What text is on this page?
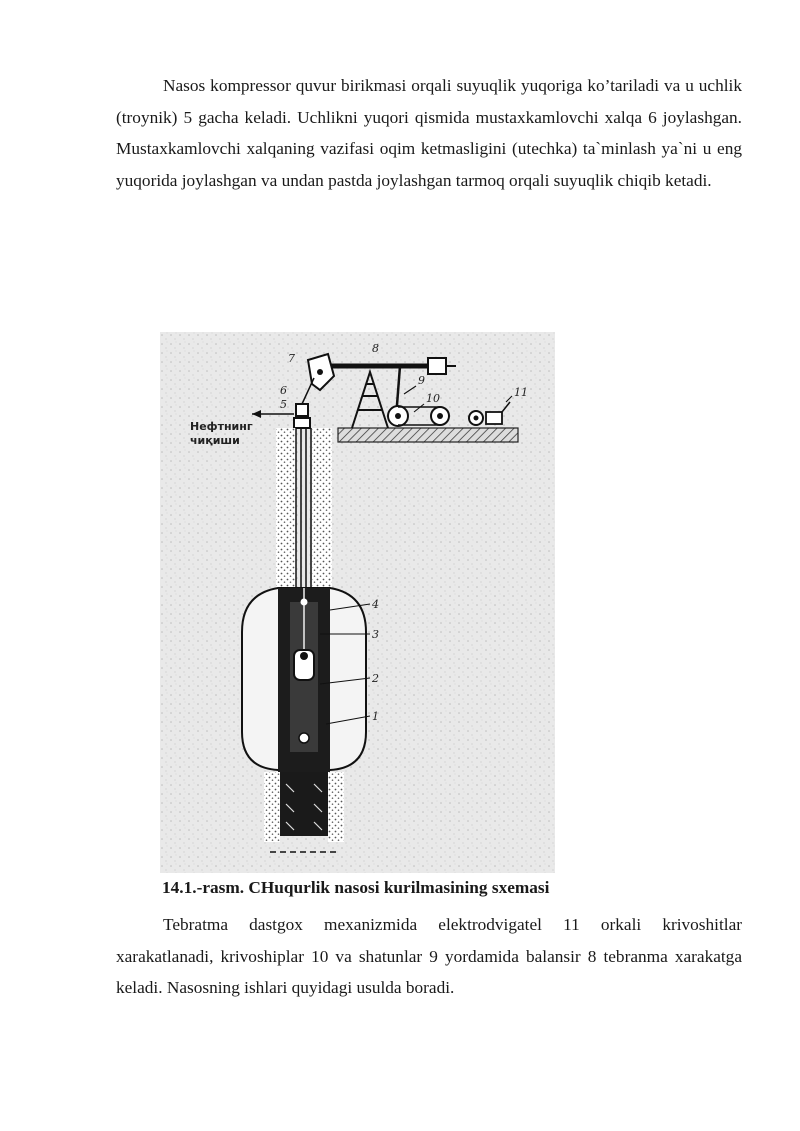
Nasos kompressor quvur birikmasi orqali suyuqlik yuqoriga ko’tariladi va u uchlik (troynik) 5 gacha keladi. Uchlikni yuqori qismida mustaxkamlovchi xalqa 6 joylashgan. Mustaxkamlovchi xalqaning vazifasi oqim ketmasligini (utechka) ta`minlash ya`ni u eng yuqorida joylashgan va undan pastda joylashgan tarmoq orqali suyuqlik chiqib ketadi.

7
8
9
10	11
6
5
4
3
2
1
Нефтнинг
чиқиши

14.1.-rasm. CHuqurlik nasosi kurilmasining sxemasi

Tebratma dastgox mexanizmida elektrodvigatel 11 orkali krivoshitlar xarakatlanadi, krivoshiplar 10 va shatunlar 9 yordamida balansir 8 tebranma xarakatga keladi. Nasosning ishlari quyidagi usulda boradi.
